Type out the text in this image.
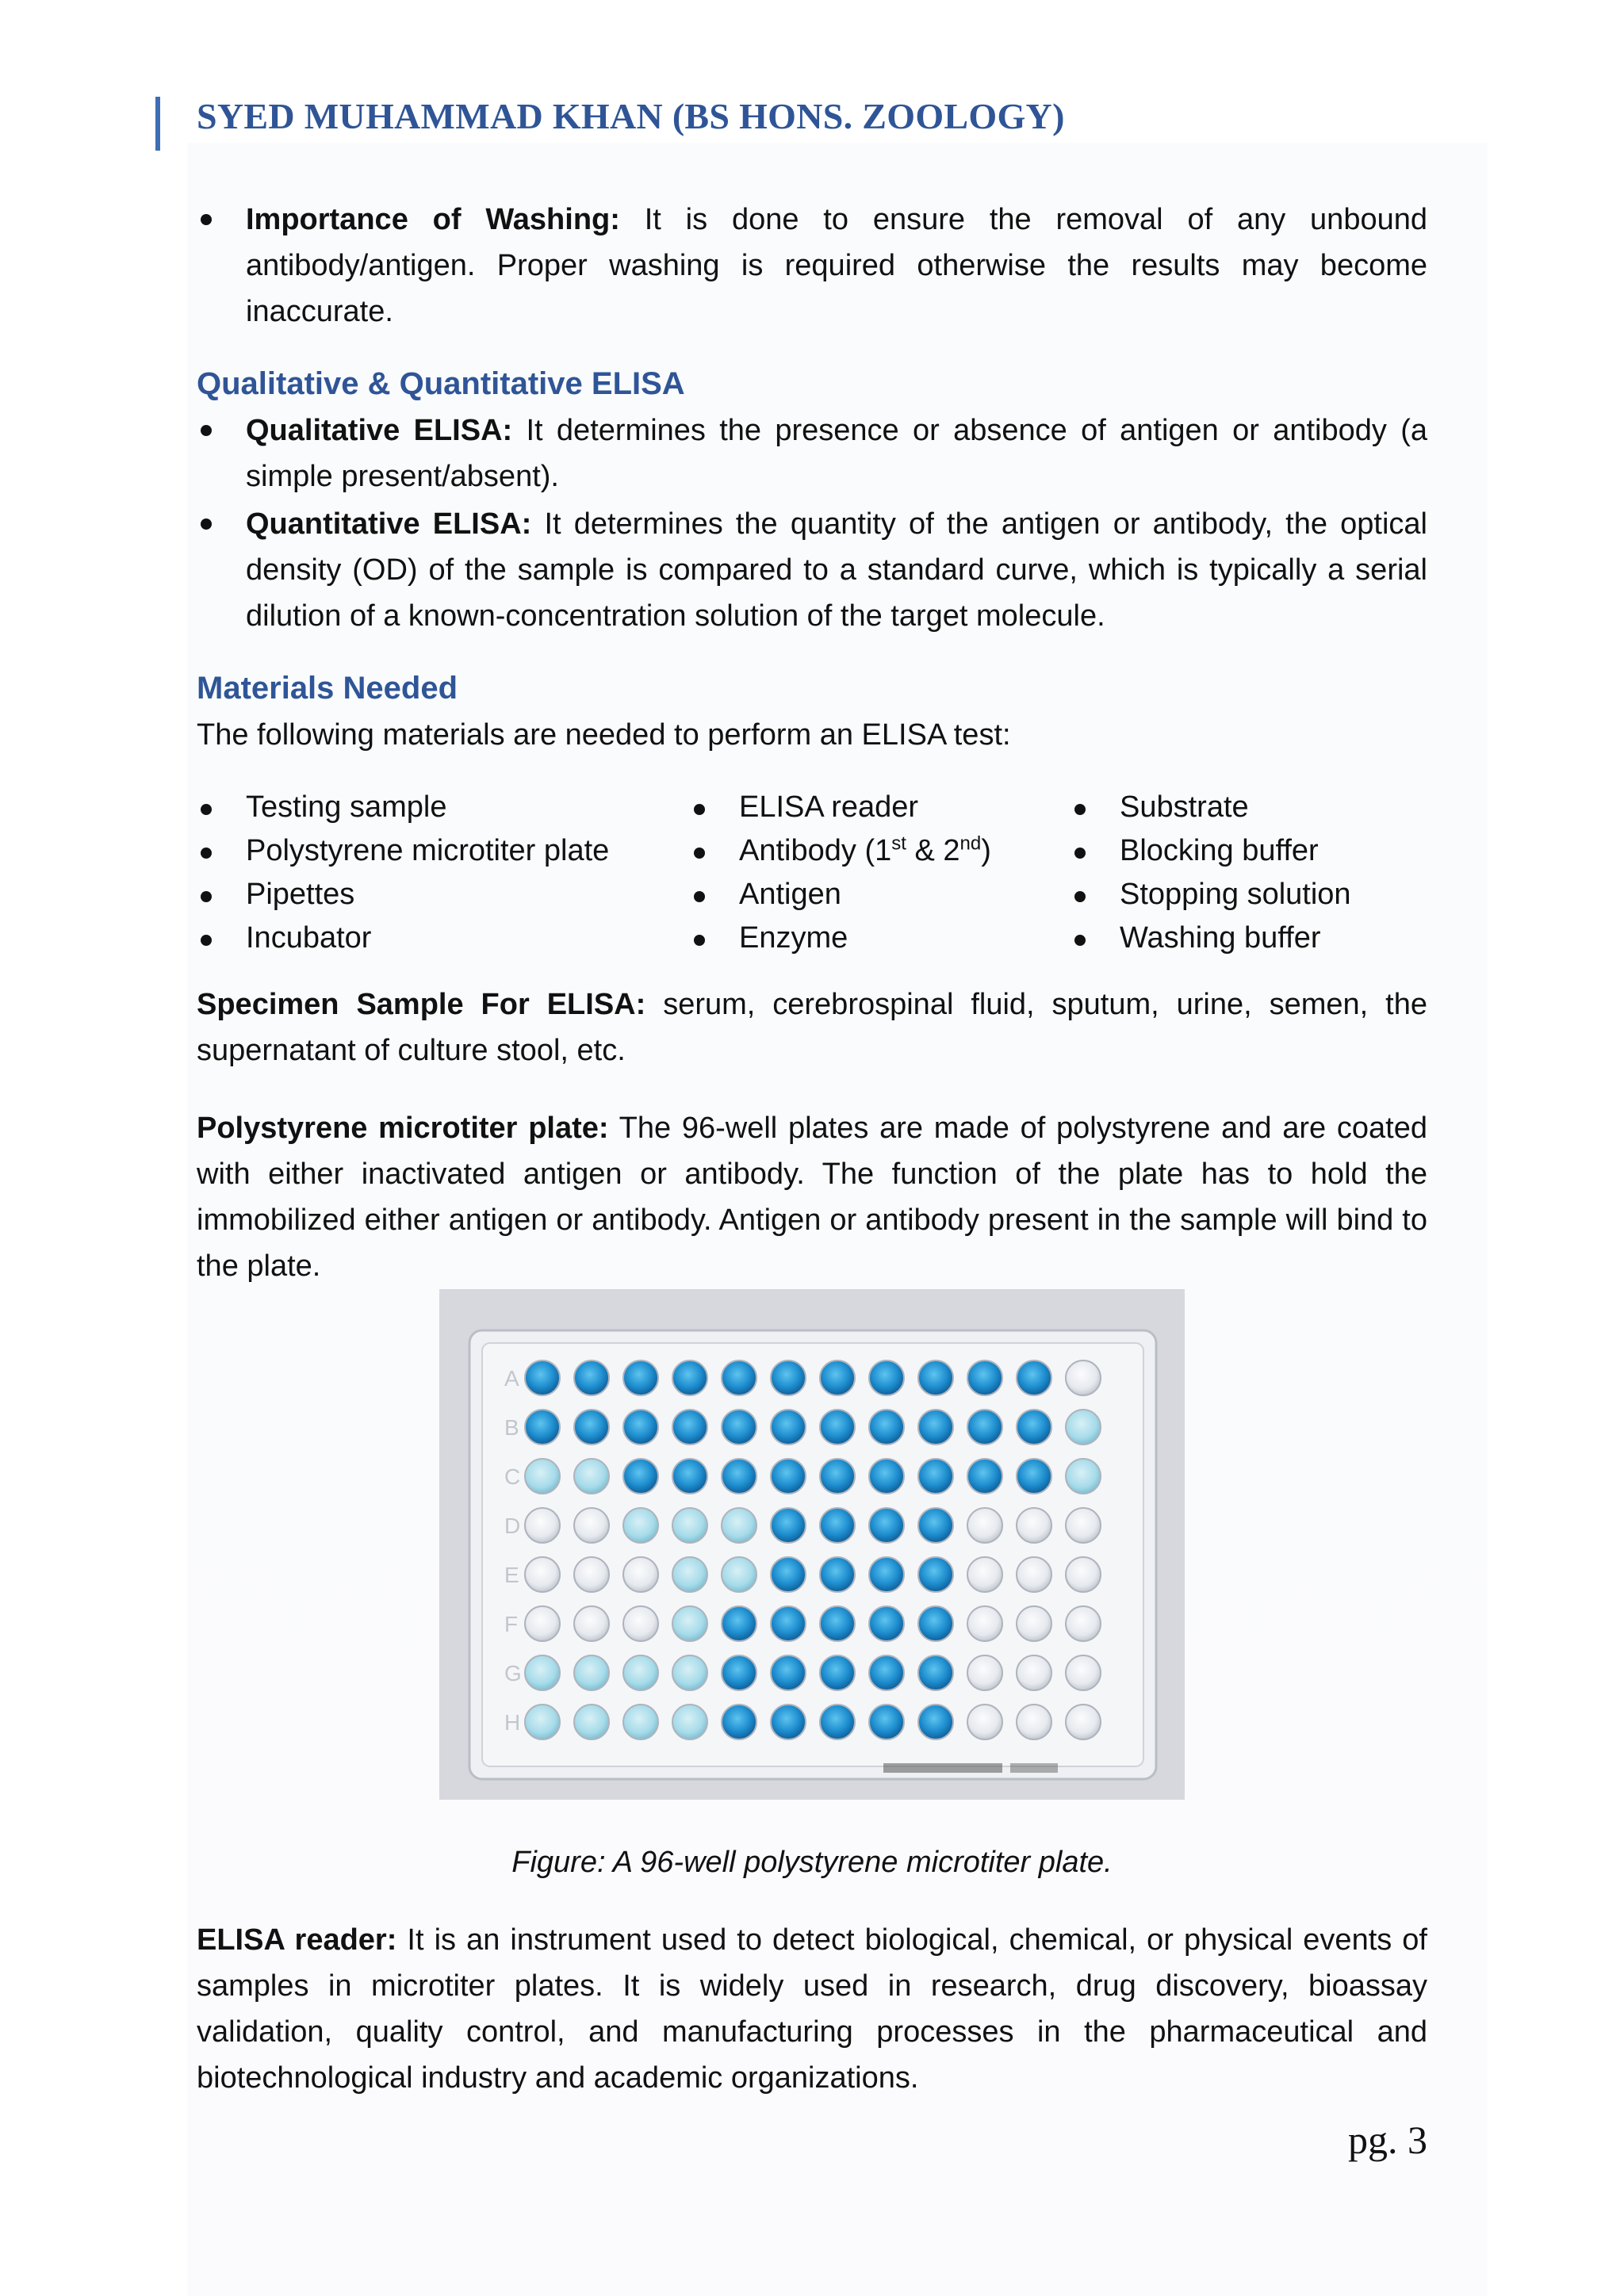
SYED MUHAMMAD KHAN (BS HONS. ZOOLOGY)
Importance of Washing: It is done to ensure the removal of any unbound antibody/antigen. Proper washing is required otherwise the results may become inaccurate.
Qualitative & Quantitative ELISA
Qualitative ELISA: It determines the presence or absence of antigen or antibody (a simple present/absent).
Quantitative ELISA: It determines the quantity of the antigen or antibody, the optical density (OD) of the sample is compared to a standard curve, which is typically a serial dilution of a known-concentration solution of the target molecule.
Materials Needed

The following materials are needed to perform an ELISA test:

Testing sample
Polystyrene microtiter plate
Pipettes
Incubator
ELISA reader
Antibody (1st & 2nd)
Antigen
Enzyme
Substrate
Blocking buffer
Stopping solution
Washing buffer

Specimen Sample For ELISA: serum, cerebrospinal fluid, sputum, urine, semen, the supernatant of culture stool, etc.

Polystyrene microtiter plate: The 96-well plates are made of polystyrene and are coated with either inactivated antigen or antibody. The function of the plate has to hold the immobilized either antigen or antibody. Antigen or antibody present in the sample will bind to the plate.

A
B
C
D
E
F
G
H
Figure: A 96-well polystyrene microtiter plate.

ELISA reader: It is an instrument used to detect biological, chemical, or physical events of samples in microtiter plates. It is widely used in research, drug discovery, bioassay validation, quality control, and manufacturing processes in the pharmaceutical and biotechnological industry and academic organizations.

pg. 3
